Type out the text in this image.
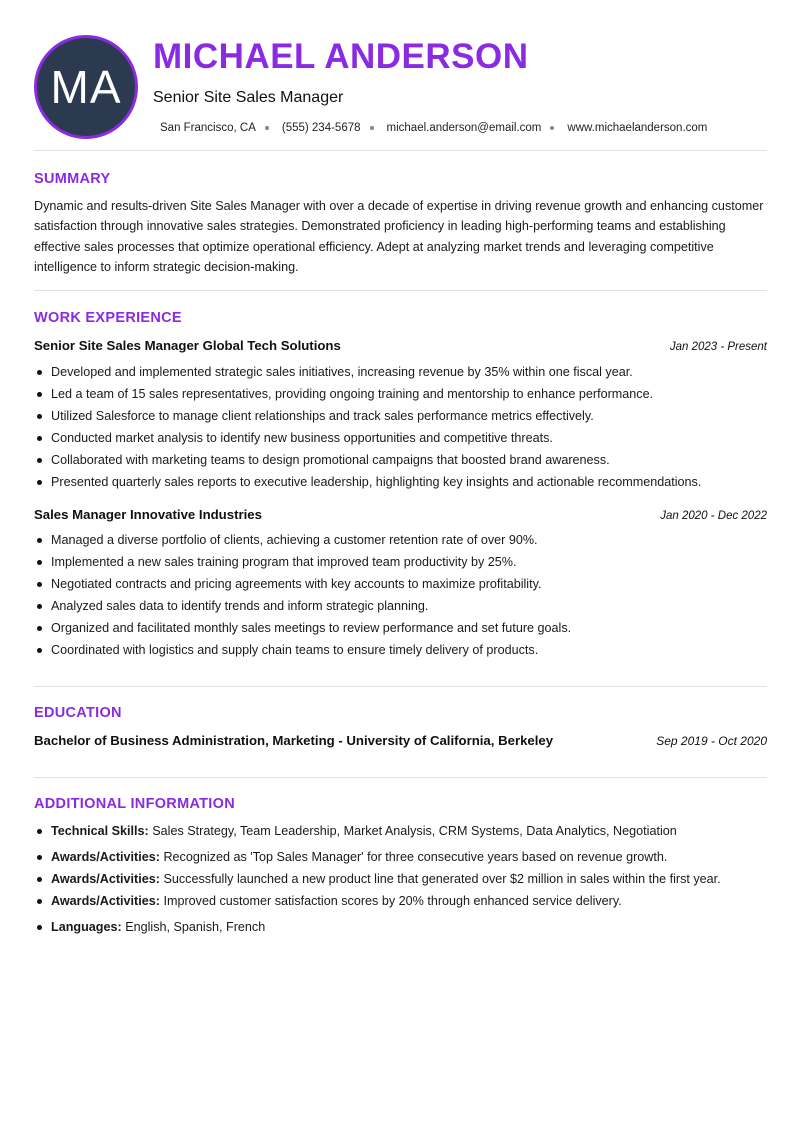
MA
MICHAEL ANDERSON
Senior Site Sales Manager
San Francisco, CA (555) 234-5678 michael.anderson@email.com www.michaelanderson.com
SUMMARY
Dynamic and results-driven Site Sales Manager with over a decade of expertise in driving revenue growth and enhancing customer satisfaction through innovative sales strategies. Demonstrated proficiency in leading high-performing teams and establishing effective sales processes that optimize operational efficiency. Adept at analyzing market trends and leveraging competitive intelligence to inform strategic decision-making.
WORK EXPERIENCE
Senior Site Sales Manager Global Tech Solutions	Jan 2023 - Present
Developed and implemented strategic sales initiatives, increasing revenue by 35% within one fiscal year.
Led a team of 15 sales representatives, providing ongoing training and mentorship to enhance performance.
Utilized Salesforce to manage client relationships and track sales performance metrics effectively.
Conducted market analysis to identify new business opportunities and competitive threats.
Collaborated with marketing teams to design promotional campaigns that boosted brand awareness.
Presented quarterly sales reports to executive leadership, highlighting key insights and actionable recommendations.
Sales Manager Innovative Industries	Jan 2020 - Dec 2022
Managed a diverse portfolio of clients, achieving a customer retention rate of over 90%.
Implemented a new sales training program that improved team productivity by 25%.
Negotiated contracts and pricing agreements with key accounts to maximize profitability.
Analyzed sales data to identify trends and inform strategic planning.
Organized and facilitated monthly sales meetings to review performance and set future goals.
Coordinated with logistics and supply chain teams to ensure timely delivery of products.
EDUCATION
Bachelor of Business Administration, Marketing - University of California, Berkeley	Sep 2019 - Oct 2020
ADDITIONAL INFORMATION
Technical Skills: Sales Strategy, Team Leadership, Market Analysis, CRM Systems, Data Analytics, Negotiation
Awards/Activities: Recognized as 'Top Sales Manager' for three consecutive years based on revenue growth.
Awards/Activities: Successfully launched a new product line that generated over $2 million in sales within the first year.
Awards/Activities: Improved customer satisfaction scores by 20% through enhanced service delivery.
Languages: English, Spanish, French
